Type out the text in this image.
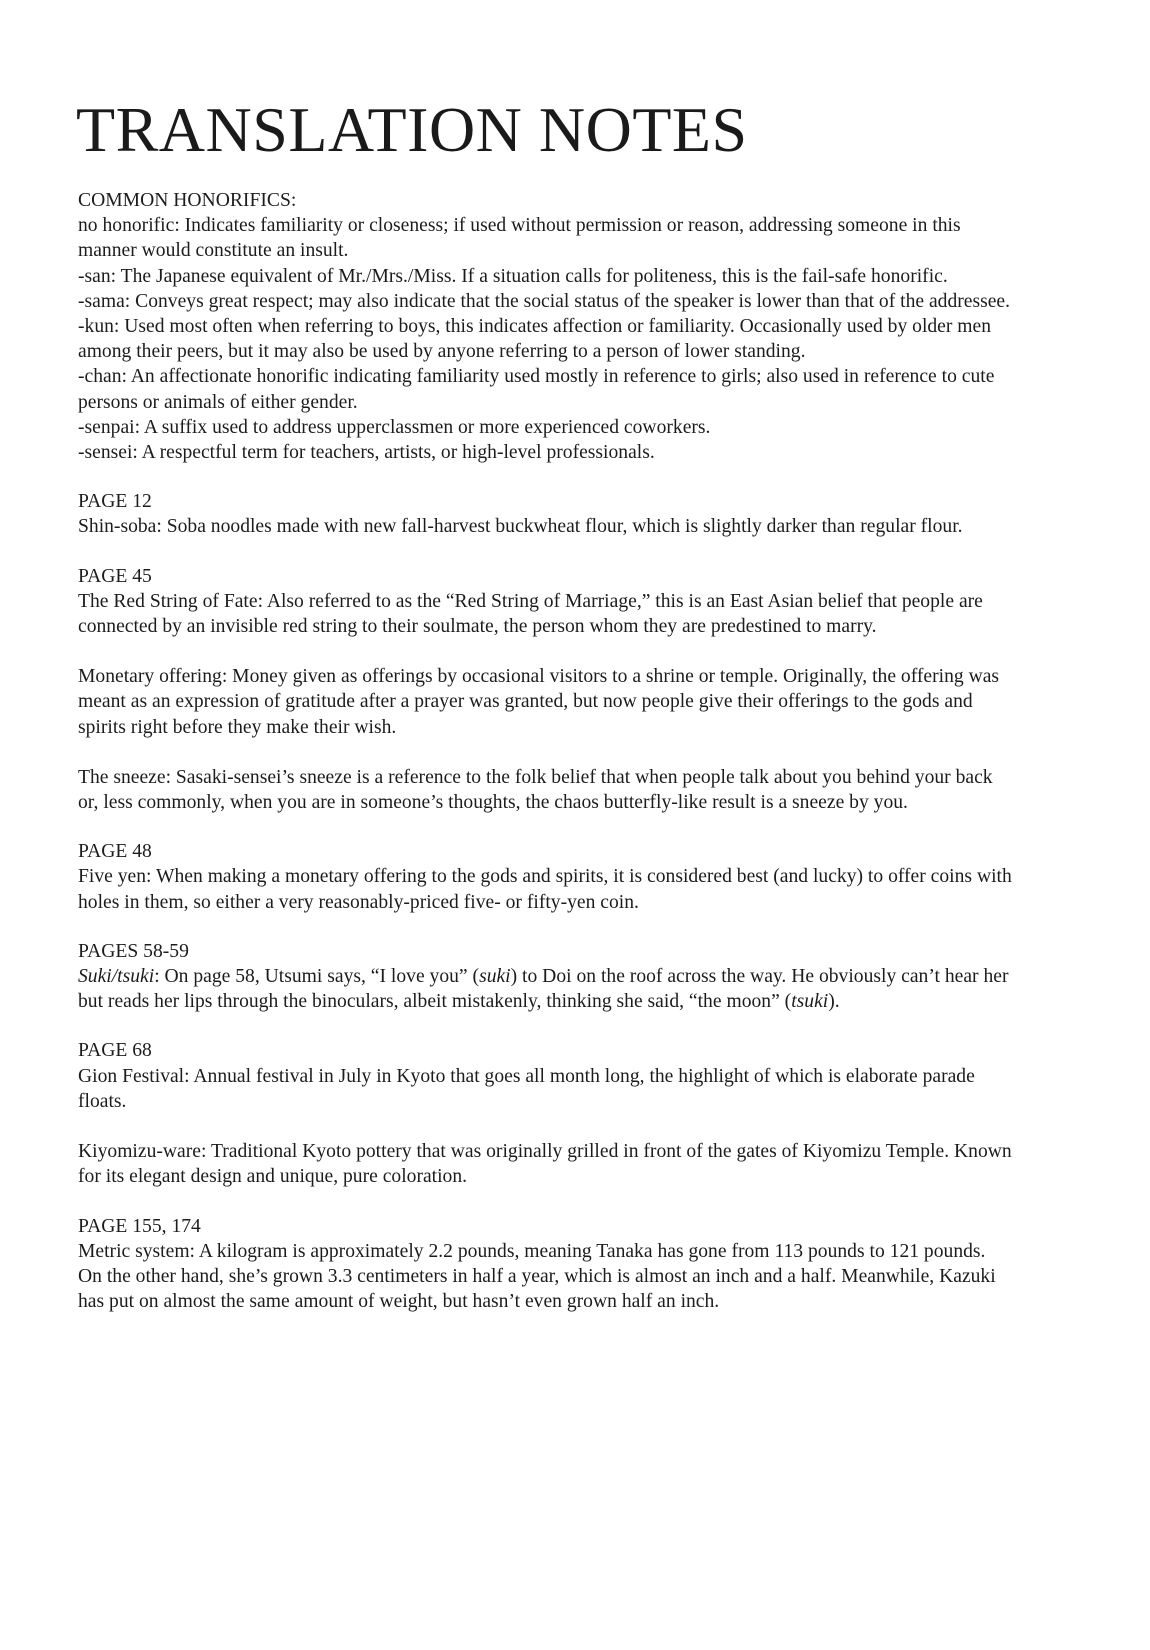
TRANSLATION NOTES

COMMON HONORIFICS:

no honorific: Indicates familiarity or closeness; if used without permission or reason, addressing someone in this manner would constitute an insult.

-san: The Japanese equivalent of Mr./Mrs./Miss. If a situation calls for politeness, this is the fail-safe honorific.

-sama: Conveys great respect; may also indicate that the social status of the speaker is lower than that of the addressee.

-kun: Used most often when referring to boys, this indicates affection or familiarity. Occasionally used by older men among their peers, but it may also be used by anyone referring to a person of lower standing.

-chan: An affectionate honorific indicating familiarity used mostly in reference to girls; also used in reference to cute persons or animals of either gender.

-senpai: A suffix used to address upperclassmen or more experienced coworkers.

-sensei: A respectful term for teachers, artists, or high-level professionals.

PAGE 12

Shin-soba: Soba noodles made with new fall-harvest buckwheat flour, which is slightly darker than regular flour.

PAGE 45

The Red String of Fate: Also referred to as the “Red String of Marriage,” this is an East Asian belief that people are connected by an invisible red string to their soulmate, the person whom they are predestined to marry.

Monetary offering: Money given as offerings by occasional visitors to a shrine or temple. Originally, the offering was meant as an expression of gratitude after a prayer was granted, but now people give their offerings to the gods and spirits right before they make their wish.

The sneeze: Sasaki-sensei’s sneeze is a reference to the folk belief that when people talk about you behind your back or, less commonly, when you are in someone’s thoughts, the chaos butterfly-like result is a sneeze by you.

PAGE 48

Five yen: When making a monetary offering to the gods and spirits, it is considered best (and lucky) to offer coins with holes in them, so either a very reasonably-priced five- or fifty-yen coin.

PAGES 58-59

Suki/tsuki: On page 58, Utsumi says, “I love you” (suki) to Doi on the roof across the way. He obviously can’t hear her but reads her lips through the binoculars, albeit mistakenly, thinking she said, “the moon” (tsuki).

PAGE 68

Gion Festival: Annual festival in July in Kyoto that goes all month long, the highlight of which is elaborate parade floats.

Kiyomizu-ware: Traditional Kyoto pottery that was originally grilled in front of the gates of Kiyomizu Temple. Known for its elegant design and unique, pure coloration.

PAGE 155, 174

Metric system: A kilogram is approximately 2.2 pounds, meaning Tanaka has gone from 113 pounds to 121 pounds. On the other hand, she’s grown 3.3 centimeters in half a year, which is almost an inch and a half. Meanwhile, Kazuki has put on almost the same amount of weight, but hasn’t even grown half an inch.
